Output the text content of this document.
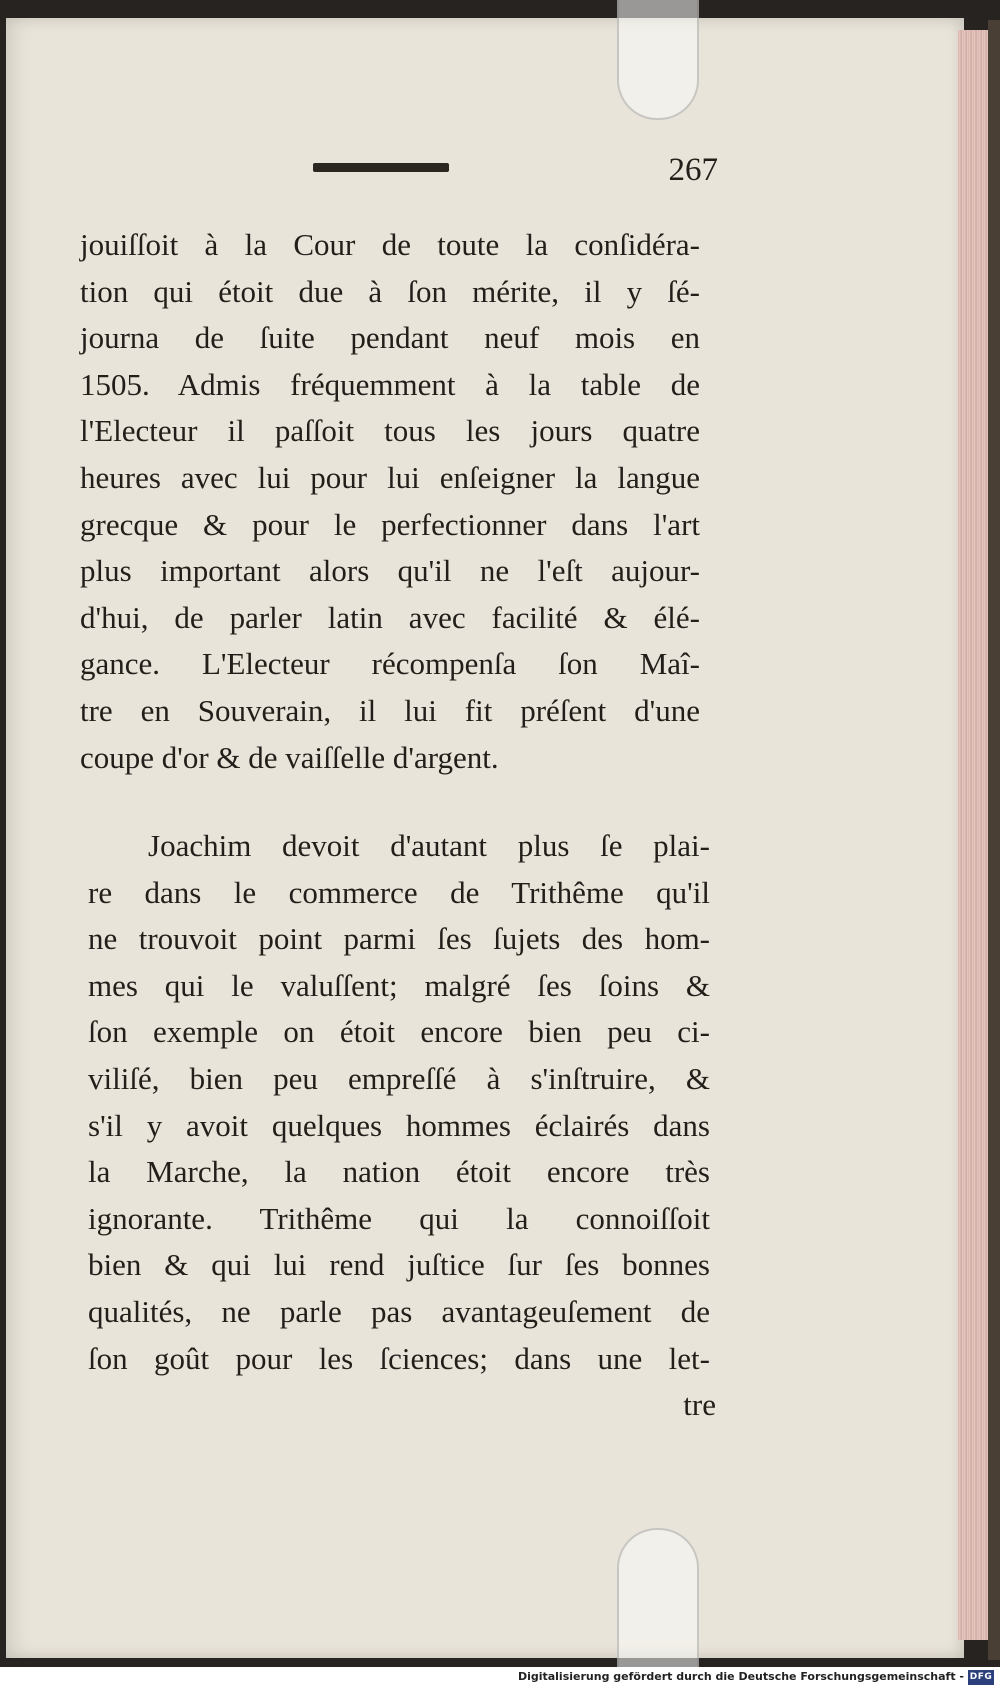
267
jouiſſoit à la Cour de toute la conſidéra-
tion qui étoit due à ſon mérite, il y ſé-
journa de ſuite pendant neuf mois en
1505. Admis fréquemment à la table de
l'Electeur il paſſoit tous les jours quatre
heures avec lui pour lui enſeigner la langue
grecque & pour le perfectionner dans l'art
plus important alors qu'il ne l'eſt aujour-
d'hui, de parler latin avec facilité & élé-
gance. L'Electeur récompenſa ſon Maî-
tre en Souverain, il lui fit préſent d'une
coupe d'or & de vaiſſelle d'argent.
Joachim devoit d'autant plus ſe plai-
re dans le commerce de Trithême qu'il
ne trouvoit point parmi ſes ſujets des hom-
mes qui le valuſſent; malgré ſes ſoins &
ſon exemple on étoit encore bien peu ci-
viliſé, bien peu empreſſé à s'inſtruire, &
s'il y avoit quelques hommes éclairés dans
la Marche, la nation étoit encore très
ignorante. Trithême qui la connoiſſoit
bien & qui lui rend juſtice ſur ſes bonnes
qualités, ne parle pas avantageuſement de
ſon goût pour les ſciences; dans une let-
tre
Digitalisierung gefördert durch die Deutsche Forschungsgemeinschaft - DFG
